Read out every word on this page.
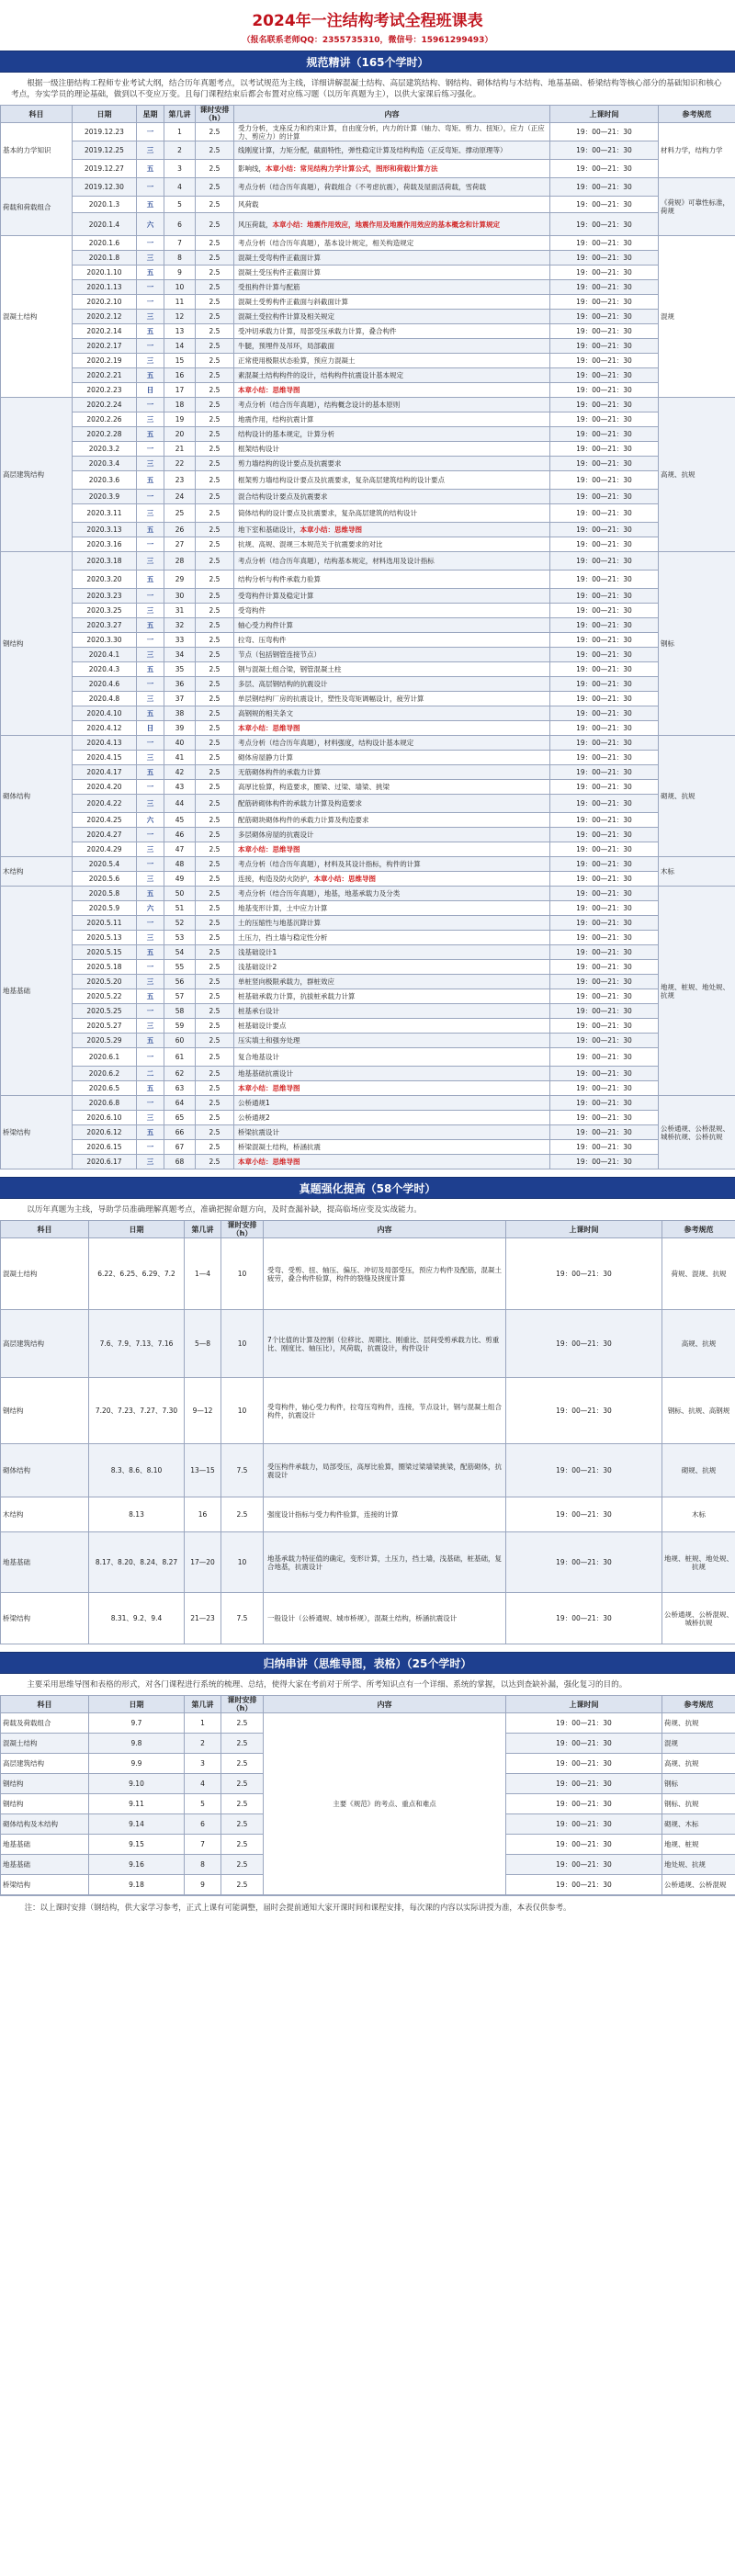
2024年一注结构考试全程班课表
（报名联系老师QQ：2355735310，微信号：15961299493）
规范精讲（165个学时）
根据一级注册结构工程师专业考试大纲，结合历年真题考点，以考试规范为主线，详细讲解混凝土结构、高层建筑结构、钢结构、砌体结构与木结构、地基基础、桥梁结构等核心部分的基础知识和核心考点，夯实学员的理论基础，做到以不变应万变。且每门课程结束后都会布置对应练习题（以历年真题为主），以供大家课后练习强化。
科目	日期	星期	第几讲	课时安排（h）	内容	上课时间	参考规范
基本的力学知识	2019.12.23	一	1	2.5	受力分析，支座反力和约束计算，自由度分析，内力的计算（轴力、弯矩、剪力、扭矩），应力（正应力、剪应力）的计算	19：00—21：30	材料力学，结构力学
	2019.12.25	三	2	2.5	线刚度计算，力矩分配，截面特性，弹性稳定计算及结构构造（正反弯矩、撑动原理等）	19：00—21：30	
	2019.12.27	五	3	2.5	影响线，本章小结：常见结构力学计算公式，图形和荷载计算方法	19：00—21：30	
荷载和荷载组合	2019.12.30	一	4	2.5	考点分析（结合历年真题），荷载组合（不考虑抗震），荷载及屋面活荷载，雪荷载	19：00—21：30	《荷规》可靠性标准，荷规
	2020.1.3	五	5	2.5	风荷载	19：00—21：30	
	2020.1.4	六	6	2.5	风压荷载，本章小结：地震作用效应，地震作用及地震作用效应的基本概念和计算规定	19：00—21：30	
混凝土结构	2020.1.6	一	7	2.5	考点分析（结合历年真题），基本设计规定，相关构造规定	19：00—21：30	混规
	2020.1.8	三	8	2.5	混凝土受弯构件正截面计算	19：00—21：30	
	2020.1.10	五	9	2.5	混凝土受压构件正截面计算	19：00—21：30	
	2020.1.13	一	10	2.5	受扭构件计算与配筋	19：00—21：30	
	2020.2.10	一	11	2.5	混凝土受剪构件正截面与斜截面计算	19：00—21：30	
	2020.2.12	三	12	2.5	混凝土受拉构件计算及相关规定	19：00—21：30	
	2020.2.14	五	13	2.5	受冲切承载力计算，局部受压承载力计算，叠合构件	19：00—21：30	
	2020.2.17	一	14	2.5	牛腿，预埋件及吊环，局部截面	19：00—21：30	
	2020.2.19	三	15	2.5	正常使用极限状态验算，预应力混凝土	19：00—21：30	
	2020.2.21	五	16	2.5	素混凝土结构构件的设计，结构构件抗震设计基本规定	19：00—21：30	
	2020.2.23	日	17	2.5	本章小结：思维导图	19：00—21：30	
高层建筑结构	2020.2.24	一	18	2.5	考点分析（结合历年真题），结构概念设计的基本原则	19：00—21：30	高规、抗规
	2020.2.26	三	19	2.5	地震作用，结构抗震计算	19：00—21：30	
	2020.2.28	五	20	2.5	结构设计的基本规定，计算分析	19：00—21：30	
	2020.3.2	一	21	2.5	框架结构设计	19：00—21：30	
	2020.3.4	三	22	2.5	剪力墙结构的设计要点及抗震要求	19：00—21：30	
	2020.3.6	五	23	2.5	框架剪力墙结构设计要点及抗震要求，复杂高层建筑结构的设计要点	19：00—21：30	
	2020.3.9	一	24	2.5	混合结构设计要点及抗震要求	19：00—21：30	
	2020.3.11	三	25	2.5	筒体结构的设计要点及抗震要求，复杂高层建筑的结构设计	19：00—21：30	
	2020.3.13	五	26	2.5	地下室和基础设计，本章小结：思维导图	19：00—21：30	
	2020.3.16	一	27	2.5	抗规、高规、混规三本规范关于抗震要求的对比	19：00—21：30	
钢结构	2020.3.18	三	28	2.5	考点分析（结合历年真题），结构基本规定，材料选用及设计指标	19：00—21：30	钢标
	2020.3.20	五	29	2.5	结构分析与构件承载力验算	19：00—21：30	
	2020.3.23	一	30	2.5	受弯构件计算及稳定计算	19：00—21：30	
	2020.3.25	三	31	2.5	受弯构件	19：00—21：30	
	2020.3.27	五	32	2.5	轴心受力构件计算	19：00—21：30	
	2020.3.30	一	33	2.5	拉弯、压弯构件	19：00—21：30	
	2020.4.1	三	34	2.5	节点（包括钢管连接节点）	19：00—21：30	
	2020.4.3	五	35	2.5	钢与混凝土组合梁，钢管混凝土柱	19：00—21：30	
	2020.4.6	一	36	2.5	多层、高层钢结构的抗震设计	19：00—21：30	
	2020.4.8	三	37	2.5	单层钢结构厂房的抗震设计，塑性及弯矩调幅设计，疲劳计算	19：00—21：30	
	2020.4.10	五	38	2.5	高钢规的相关条文	19：00—21：30	
	2020.4.12	日	39	2.5	本章小结：思维导图	19：00—21：30	
砌体结构	2020.4.13	一	40	2.5	考点分析（结合历年真题），材料强度，结构设计基本规定	19：00—21：30	砌规、抗规
	2020.4.15	三	41	2.5	砌体房屋静力计算	19：00—21：30	
	2020.4.17	五	42	2.5	无筋砌体构件的承载力计算	19：00—21：30	
	2020.4.20	一	43	2.5	高厚比验算，构造要求，圈梁、过梁、墙梁、挑梁	19：00—21：30	
	2020.4.22	三	44	2.5	配筋砖砌体构件的承载力计算及构造要求	19：00—21：30	
	2020.4.25	六	45	2.5	配筋砌块砌体构件的承载力计算及构造要求	19：00—21：30	
	2020.4.27	一	46	2.5	多层砌体房屋的抗震设计	19：00—21：30	
	2020.4.29	三	47	2.5	本章小结：思维导图	19：00—21：30	
木结构	2020.5.4	一	48	2.5	考点分析（结合历年真题），材料及其设计指标，构件的计算	19：00—21：30	木标
	2020.5.6	三	49	2.5	连接，构造及防火防护，本章小结：思维导图	19：00—21：30	
地基基础	2020.5.8	五	50	2.5	考点分析（结合历年真题），地基，地基承载力及分类	19：00—21：30	地规、桩规、地处规、抗规
	2020.5.9	六	51	2.5	地基变形计算，土中应力计算	19：00—21：30	
	2020.5.11	一	52	2.5	土的压缩性与地基沉降计算	19：00—21：30	
	2020.5.13	三	53	2.5	土压力，挡土墙与稳定性分析	19：00—21：30	
	2020.5.15	五	54	2.5	浅基础设计1	19：00—21：30	
	2020.5.18	一	55	2.5	浅基础设计2	19：00—21：30	
	2020.5.20	三	56	2.5	单桩竖向极限承载力，群桩效应	19：00—21：30	
	2020.5.22	五	57	2.5	桩基础承载力计算，抗拔桩承载力计算	19：00—21：30	
	2020.5.25	一	58	2.5	桩基承台设计	19：00—21：30	
	2020.5.27	三	59	2.5	桩基础设计要点	19：00—21：30	
	2020.5.29	五	60	2.5	压实填土和强夯处理	19：00—21：30	
	2020.6.1	一	61	2.5	复合地基设计	19：00—21：30	
	2020.6.2	二	62	2.5	地基基础抗震设计	19：00—21：30	
	2020.6.5	五	63	2.5	本章小结：思维导图	19：00—21：30	
桥梁结构	2020.6.8	一	64	2.5	公桥通规1	19：00—21：30	公桥通规、公桥混规、城桥抗规、公桥抗规
	2020.6.10	三	65	2.5	公桥通规2	19：00—21：30	
	2020.6.12	五	66	2.5	桥梁抗震设计	19：00—21：30	
	2020.6.15	一	67	2.5	桥梁混凝土结构，桥涵抗震	19：00—21：30	
	2020.6.17	三	68	2.5	本章小结：思维导图	19：00—21：30	
真题强化提高（58个学时）
以历年真题为主线，导助学员准确理解真题考点，准确把握命题方向，及时查漏补缺，提高临场应变及实战能力。
科目	日期	第几讲	课时安排（h）	内容	上课时间	参考规范
混凝土结构	6.22、6.25、6.29、7.2	1—4	10	受弯、受剪、扭、轴压、偏压、冲切及局部受压，预应力构件及配筋，混凝土疲劳，叠合构件验算，构件的裂缝及挠度计算	19：00—21：30	荷规、混规、抗规
高层建筑结构	7.6、7.9、7.13、7.16	5—8	10	7个比值的计算及控制（位移比、周期比、刚重比、层间受剪承载力比、剪重比、刚度比、轴压比），风荷载，抗震设计，构件设计	19：00—21：30	高规、抗规
钢结构	7.20、7.23、7.27、7.30	9—12	10	受弯构件，轴心受力构件，拉弯压弯构件，连接，节点设计，钢与混凝土组合构件，抗震设计	19：00—21：30	钢标、抗规、高钢规
砌体结构	8.3、8.6、8.10	13—15	7.5	受压构件承载力，局部受压，高厚比验算，圈梁过梁墙梁挑梁，配筋砌体，抗震设计	19：00—21：30	砌规、抗规
木结构	8.13	16	2.5	强度设计指标与受力构件验算，连接的计算	19：00—21：30	木标
地基基础	8.17、8.20、8.24、8.27	17—20	10	地基承载力特征值的确定，变形计算，土压力，挡土墙，浅基础，桩基础，复合地基，抗震设计	19：00—21：30	地规、桩规、地处规、抗规
桥梁结构	8.31、9.2、9.4	21—23	7.5	一般设计（公桥通规、城市桥规），混凝土结构，桥涵抗震设计	19：00—21：30	公桥通规、公桥混规、城桥抗规
归纳串讲（思维导图，表格）（25个学时）
主要采用思维导图和表格的形式，对各门课程进行系统的梳理、总结，使得大家在考前对于所学、所考知识点有一个详细、系统的掌握，以达到查缺补漏，强化复习的目的。
科目	日期	第几讲	课时安排（h）	内容	上课时间	参考规范
荷载及荷载组合	9.7	1	2.5	主要《规范》的考点、重点和难点	19：00—21：30	荷规、抗规
混凝土结构	9.8	2	2.5		19：00—21：30	混规
高层建筑结构	9.9	3	2.5		19：00—21：30	高规、抗规
钢结构	9.10	4	2.5		19：00—21：30	钢标
钢结构	9.11	5	2.5		19：00—21：30	钢标、抗规
砌体结构及木结构	9.14	6	2.5		19：00—21：30	砌规、木标
地基基础	9.15	7	2.5		19：00—21：30	地规、桩规
地基基础	9.16	8	2.5		19：00—21：30	地处规、抗规
桥梁结构	9.18	9	2.5		19：00—21：30	公桥通规、公桥混规
注：以上课时安排（钢结构，供大家学习参考，正式上课有可能调整，届时会提前通知大家开课时间和课程安排，每次课的内容以实际讲授为准，本表仅供参考。
